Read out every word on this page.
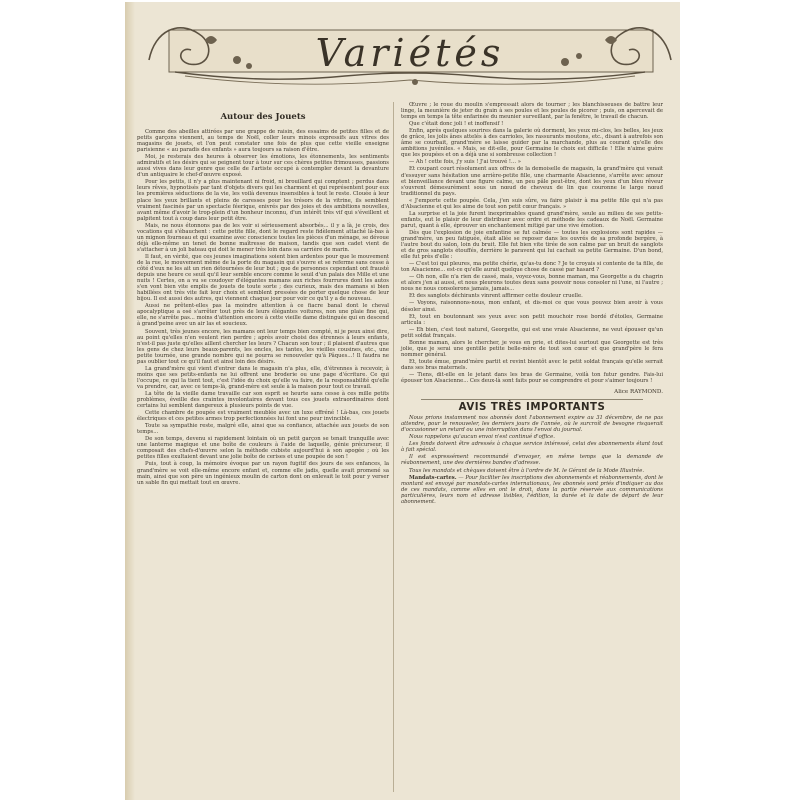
Variétés
Autour des Jouets

Comme des abeilles attirées par une grappe de raisin, des essaims de petites filles et de petits garçons viennent, au temps de Noël, coller leurs minois expressifs aux vitres des magasins de jouets, et l'on peut constater une fois de plus que cette vieille enseigne parisienne « au paradis des enfants » aura toujours sa raison d'être.

Moi, je resterais des heures à observer les émotions, les étonnements, les sentiments admiratifs et les désirs qui se peignent tour à tour sur ces chères petites frimousses, passions aussi vives dans leur genre que celle de l'artiste occupé à contempler devant la devanture d'un antiquaire le chef-d'œuvre exposé.

Pour les petits, il n'y a plus maintenant ni froid, ni brouillard qui comptent ; perdus dans leurs rêves, hypnotisés par tant d'objets divers qui les charment et qui représentent pour eux les premières séductions de la vie, les voilà devenus insensibles à tout le reste. Clouée à leur place les yeux brillants et pleins de caresses pour les trésors de la vitrine, ils semblent vraiment fascinés par un spectacle féerique, enivrés par des joies et des ambitions nouvelles, avant même d'avoir le trop-plein d'un bonheur inconnu, d'un intérêt très vif qui s'éveillent et palpitent tout à coup dans leur petit être.

Mais, ne nous étonnons pas de les voir si sérieusement absorbés... il y a là, je crois, des vocations qui s'ébauchent : cette petite fille, dont le regard reste fidèlement attaché là-bas à un mignon fourneau et qui examine avec conscience toutes les pièces d'un ménage, se dévoue déjà elle-même un tenet de bonne maîtresse de maison, tandis que son cadet vient de s'attacher à un joli bateau qui doit le mener très loin dans sa carrière de marin.

Il faut, en vérité, que ces jeunes imaginations soient bien ardentes pour que le mouvement de la rue, le mouvement même de la porte du magasin qui s'ouvre et se referme sans cesse à côté d'eux ne les ait un rien détournées de leur but ; que de personnes cependant ont frausté depuis une heure ce seuil qu'il leur semble encore comme le seuil d'un palais des Mille et une nuits ! Certes, on a vu se coudoyer d'élégantes mamans aux riches fourrures dont les autos s'en vont bien vite emplis de jouets de toute sorte ; des curieux, mais des mamans si bien habillées ont très vite fait leur choix et semblent pressées de porter quelque chose de leur bijou. Il est aussi des autres, qui viennent chaque jour pour voir ce qu'il y a de nouveau.

Aussi ne prêtent-elles pas la moindre attention à ce fiacre banal dont le cheval apocalyptique a osé s'arrêter tout près de leurs élégantes voitures, non une plaie fine qui, elle, ne s'arrête pas... moins d'attention encore à cette vieille dame distinguée qui en descend à grand'peine avec un air las et soucieux.

Souvent, très jeunes encore, les mamans ont leur temps bien compté, ni je peux ainsi dire, au point qu'elles n'en veulent rien perdre ; après avoir choisi des étrennes à leurs enfants, n'est-il pas juste qu'elles aillent chercher les leurs ? Chacun son tour ; il plaisent d'autres que les gens de chez leurs beaux-parents, les oncles, les tantes, les vieilles cousines, etc., une petite tournée, une grande nombre qui ne pourra se renouveler qu'à Pâques...! Il faudra ne pas oublier tout ce qu'il faut et ainsi loin des désirs.

La grand'mère qui vient d'entrer dans le magasin n'a plus, elle, d'étrennes à recevoir, à moins que ses petits-enfants ne lui offrent une broderie ou une page d'écriture. Ce qui l'occupe, ce qui la tient tout, c'est l'idée du choix qu'elle va faire, de la responsabilité qu'elle va prendre, car, avec ce temps-là, grand-mère est seule à la maison pour tout ce travail.

La tête de la vieille dame travaille car son esprit se heurte sans cesse à ces mille petits problèmes, éveille des craintes involontaires devant tous ces jouets extraordinaires dont certains lui semblent dangereux à plusieurs points de vue.

Cette chambre de poupée est vraiment meublée avec un luxe effréné ! Là-bas, ces jouets électriques et ces petites armes trop perfectionnées lui font une peur invincible.

Toute sa sympathie reste, malgré elle, ainsi que sa confiance, attachée aux jouets de son temps...

De son temps, devenu si rapidement lointain où un petit garçon se tenait tranquille avec une lanterne magique et une boîte de couleurs à l'aide de laquelle, génie précurseur, il composait des chefs-d'œuvre selon la méthode cubiste aujourd'hui à son apogée ; où les petites filles exultaient devant une jolie boîte de cerises et une poupée de son !

Puis, tout à coup, la mémoire évoque par un rayon fugitif des jours de ses enfances, la grand'mère se voit elle-même encore enfant et, comme elle jadis, quelle avait promené sa main, ainsi que son père un ingénieux moulin de carton dont on enlevait le toit pour y verser un sable fin qui mettait tout en œuvre.

Œuvre ; le roue du moulin s'empressait alors de tourner ; les blanchisseuses de battre leur linge, la meunière de jeter du grain à ses poules et les poules de picorer ; puis, on apercevait de temps en temps la tête enfarinée du meunier surveillant, par la fenêtre, le travail de chacun.

Que c'était donc joli ! et inoffensif !

Enfin, après quelques sourires dans la galerie où dorment, les yeux mi-clos, les belles, les jeux de grâce, les jolis ânes attelés à des carrioles, les rassurants moutons, etc., disant à autrefois son âme se courbait, grand'mère se laisse guider par la marchande, plus au courant qu'elle des ambitions juvéniles. « Mais, se dit-elle, pour Germaine le choix est difficile ! Elle n'aime guère que les poupées et on a déjà une si sombreuse collection !

— Ah ! cette fois, j'y suis ! J'ai trouvé !... »

Et coupant court résolument aux offres de la demoiselle de magasin, la grand'mère qui venait d'essuyer sans hésitation une arrière-petite fille, une charmante Alsacienne, s'arrête avec amour et bienveillance devant une figure calme, un peu pâle peut-être, dont les yeux d'un bleu rêveur s'ouvrent démesurément sous un nœud de cheveux de lin que couronne le large nœud traditionnel du pays.

« J'emporte cette poupée. Cela, j'en suis sûre, va faire plaisir à ma petite fille qui n'a pas d'Alsacienne et qui les aime de tout son petit cœur français. »

La surprise et la joie furent inexprimables quand grand'mère, seule au milieu de ses petits-enfants, eut le plaisir de leur distribuer avec ordre et méthode les cadeaux de Noël. Germaine parut, quant à elle, éprouver un enchantement mitigé par une vive émotion.

Dès que l'explosion de joie enfantine se fut calmée — toutes les explosions sont rapides — grand'mère, un peu fatiguée, était allée se reposer dans les ouvrés de sa profonde bergère, à l'autre bout du salon, loin du bruit. Elle fut bien vite tirée de son calme par un bruit de sanglots et de gros sanglots étouffés, derrière le paravent qui lui cachait sa petite Germaine. D'un bond, elle fut près d'elle :

— C'est toi qui pleures, ma petite chérie, qu'as-tu donc ? Je te croyais si contente de ta fille, de ton Alsacienne... est-ce qu'elle aurait quelque chose de cassé par hasard ?

— Oh non, elle n'a rien de cassé, mais, voyez-vous, bonne maman, ma Georgette a du chagrin et alors j'en ai aussi, et nous pleurons toutes deux sans pouvoir nous consoler ni l'une, ni l'autre ; nous ne nous consolerons jamais, jamais...

Et des sanglots déchirants vinrent affirmer cette douleur cruelle.

— Voyons, raisonnons-nous, mon enfant, et dis-moi ce que vous pouvez bien avoir à vous désoler ainsi.

Et, tout en boutonnant ses yeux avec son petit mouchoir rose bordé d'étoiles, Germaine articula :

— Eh bien, c'est tout naturel, Georgette, qui est une vraie Alsacienne, ne veut épouser qu'un petit soldat français.

Bonne maman, alors le chercher, je vous en prie, et dites-lui surtout que Georgette est très jolie, que je serai une gentille petite belle-mère de tout son cœur et que grand'père le fera nommer général.

Et, toute émue, grand'mère partit et revint bientôt avec le petit soldat français qu'elle serrait dans ses bras maternels.

— Tiens, dit-elle en le jetant dans les bras de Germaine, voilà ton futur gendre. Fais-lui épouser ton Alsacienne... Ces deux-là sont faits pour se comprendre et pour s'aimer toujours !

Alice RAYMOND.
AVIS TRÈS IMPORTANTS

Nous prions instamment nos abonnés dont l'abonnement expire au 31 décembre, de ne pas attendre, pour le renouveler, les derniers jours de l'année, où le surcroît de besogne risquerait d'occasionner un retard ou une interruption dans l'envoi du journal.

Nous rappelons qu'aucun envoi n'est continué d'office.

Les fonds doivent être adressés à chaque service intéressé, celui des abonnements étant tout à fait spécial.

Il est expressément recommandé d'envoyer, en même temps que la demande de réabonnement, une des dernières bandes d'adresse.

Tous les mandats et chèques doivent être à l'ordre de M. le Gérant de la Mode Illustrée.

Mandats-cartes. — Pour faciliter les inscriptions des abonnements et réabonnements, dont le montant est envoyé par mandats-cartes internationaux, les abonnés sont priés d'indiquer au dos de ces mandats, comme elles en ont le droit, dans la partie réservée aux communications particulières, leurs nom et adresse lisibles, l'édition, la durée et la date de départ de leur abonnement.
